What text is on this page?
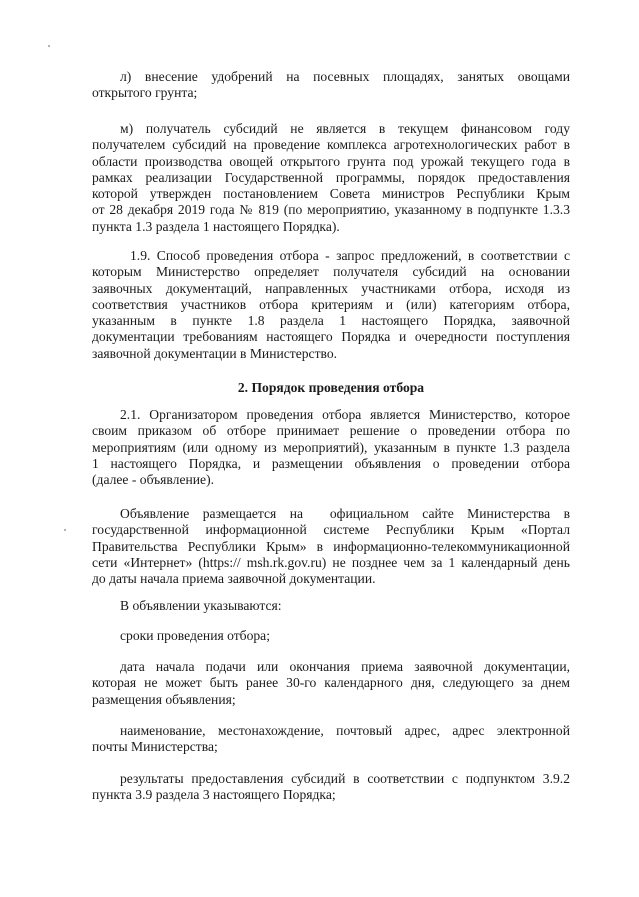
л) внесение удобрений на посевных площадях, занятых овощами
открытого грунта;

м) получатель субсидий не является в текущем финансовом году
получателем субсидий на проведение комплекса агротехнологических работ в
области производства овощей открытого грунта под урожай текущего года в
рамках реализации Государственной программы, порядок предоставления
которой утвержден постановлением Совета министров Республики Крым
от 28 декабря 2019 года № 819 (по мероприятию, указанному в подпункте 1.3.3
пункта 1.3 раздела 1 настоящего Порядка).

1.9. Способ проведения отбора - запрос предложений, в соответствии с
которым Министерство определяет получателя субсидий на основании
заявочных документаций, направленных участниками отбора, исходя из
соответствия участников отбора критериям и (или) категориям отбора,
указанным в пункте 1.8 раздела 1 настоящего Порядка, заявочной
документации требованиям настоящего Порядка и очередности поступления
заявочной документации в Министерство.

2. Порядок проведения отбора

2.1. Организатором проведения отбора является Министерство, которое
своим приказом об отборе принимает решение о проведении отбора по
мероприятиям (или одному из мероприятий), указанным в пункте 1.3 раздела
1 настоящего Порядка, и размещении объявления о проведении отбора
(далее - объявление).

Объявление размещается на  официальном сайте Министерства в
государственной информационной системе Республики Крым «Портал
Правительства Республики Крым» в информационно-телекоммуникационной
сети «Интернет» (https:// msh.rk.gov.ru) не позднее чем за 1 календарный день
до даты начала приема заявочной документации.

В объявлении указываются:

сроки проведения отбора;

дата начала подачи или окончания приема заявочной документации,
которая не может быть ранее 30-го календарного дня, следующего за днем
размещения объявления;

наименование, местонахождение, почтовый адрес, адрес электронной
почты Министерства;

результаты предоставления субсидий в соответствии с подпунктом 3.9.2
пункта 3.9 раздела 3 настоящего Порядка;
